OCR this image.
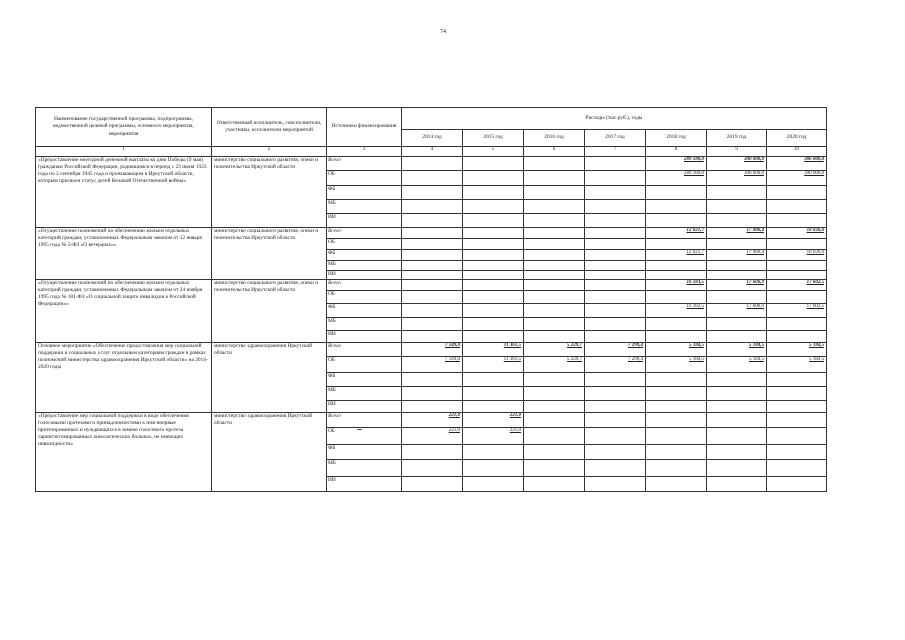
74
Наименование государственной программы, подпрограммы, ведомственной целевой программы, основного мероприятия, мероприятия	Ответственный исполнитель, соисполнители, участники, исполнители мероприятий	Источники финансирования	Расходы (тыс.руб.), годы						
			2014 год	2015 год	2016 год	2017 год	2018 год	2019 год	2020 год
1	2	3	4	5	6	7	8	9	10
«Предоставление ежегодной денежной выплаты ко дню Победы (9 мая) гражданам Российской Федерации, родившимся в период с 23 июня 1923 года по 2 сентября 1945 года и проживающим в Иркутской области, которым присвоен статус детей Великой Отечественной войны»	министерство социального развития, опеки и попечительства Иркутской области	Всего					289 180,0	300 000,0	306 000,0
		ОБ					289 180,0	300 000,0	300 000,0
		ФБ							
		МБ							
		ИИ							
«Осуществление полномочий по обеспечению жильем отдельных категорий граждан, установленных Федеральным законом от 12 января 1995 года № 5-ФЗ «О ветеранах»»	министерство социального развития, опеки и попечительства Иркутской области	Всего					12 021,7	17 980,4	18 026,6
		ОБ							
		ФБ					12 021,7	17 980,4	18 026,6
		МБ							
		ИИ							
«Осуществление полномочий по обеспечению жильем отдельных категорий граждан, установленных Федеральным законом от 24 ноября 1995 года № 181-ФЗ «О социальной защите инвалидов в Российской Федерации»»	министерство социального развития, опеки и попечительства Иркутской области	Всего					16 183,5	17 606,9	17 602,5
		ОБ							
		ФБ					16 183,5	17 606,9	17 602,5
		МБ							
		ИИ							
Основное мероприятие «Обеспечение предоставления мер социальной поддержки и социальных услуг отдельным категориям граждан в рамках полномочий министерства здравоохранения Иркутской области» на 2014-2020 годы	министерство здравоохранения Иркутской области	Всего	7 149,0	11 361,5	5 229,7	7 299,4	5 184,5	5 184,5	5 184,5
		ОБ	7 149,0	11 361,5	5 229,7	7 299,4	5 184,5	5 184,5	5 184,5
		ФБ							
		МБ							
		ИИ							
«Предоставление мер социальной поддержки в виде обеспечения голосовыми протезами и принадлежностями к ним впервые протезированных и нуждающихся в замене голосового протеза ларингэктомированных онкологических больных, не имеющих инвалидности»	министерство здравоохранения Иркутской области	Всего	221,0	221,0					
		ОБ	221,0	221,0					
		ФБ							
		МБ							
		ИИ							
